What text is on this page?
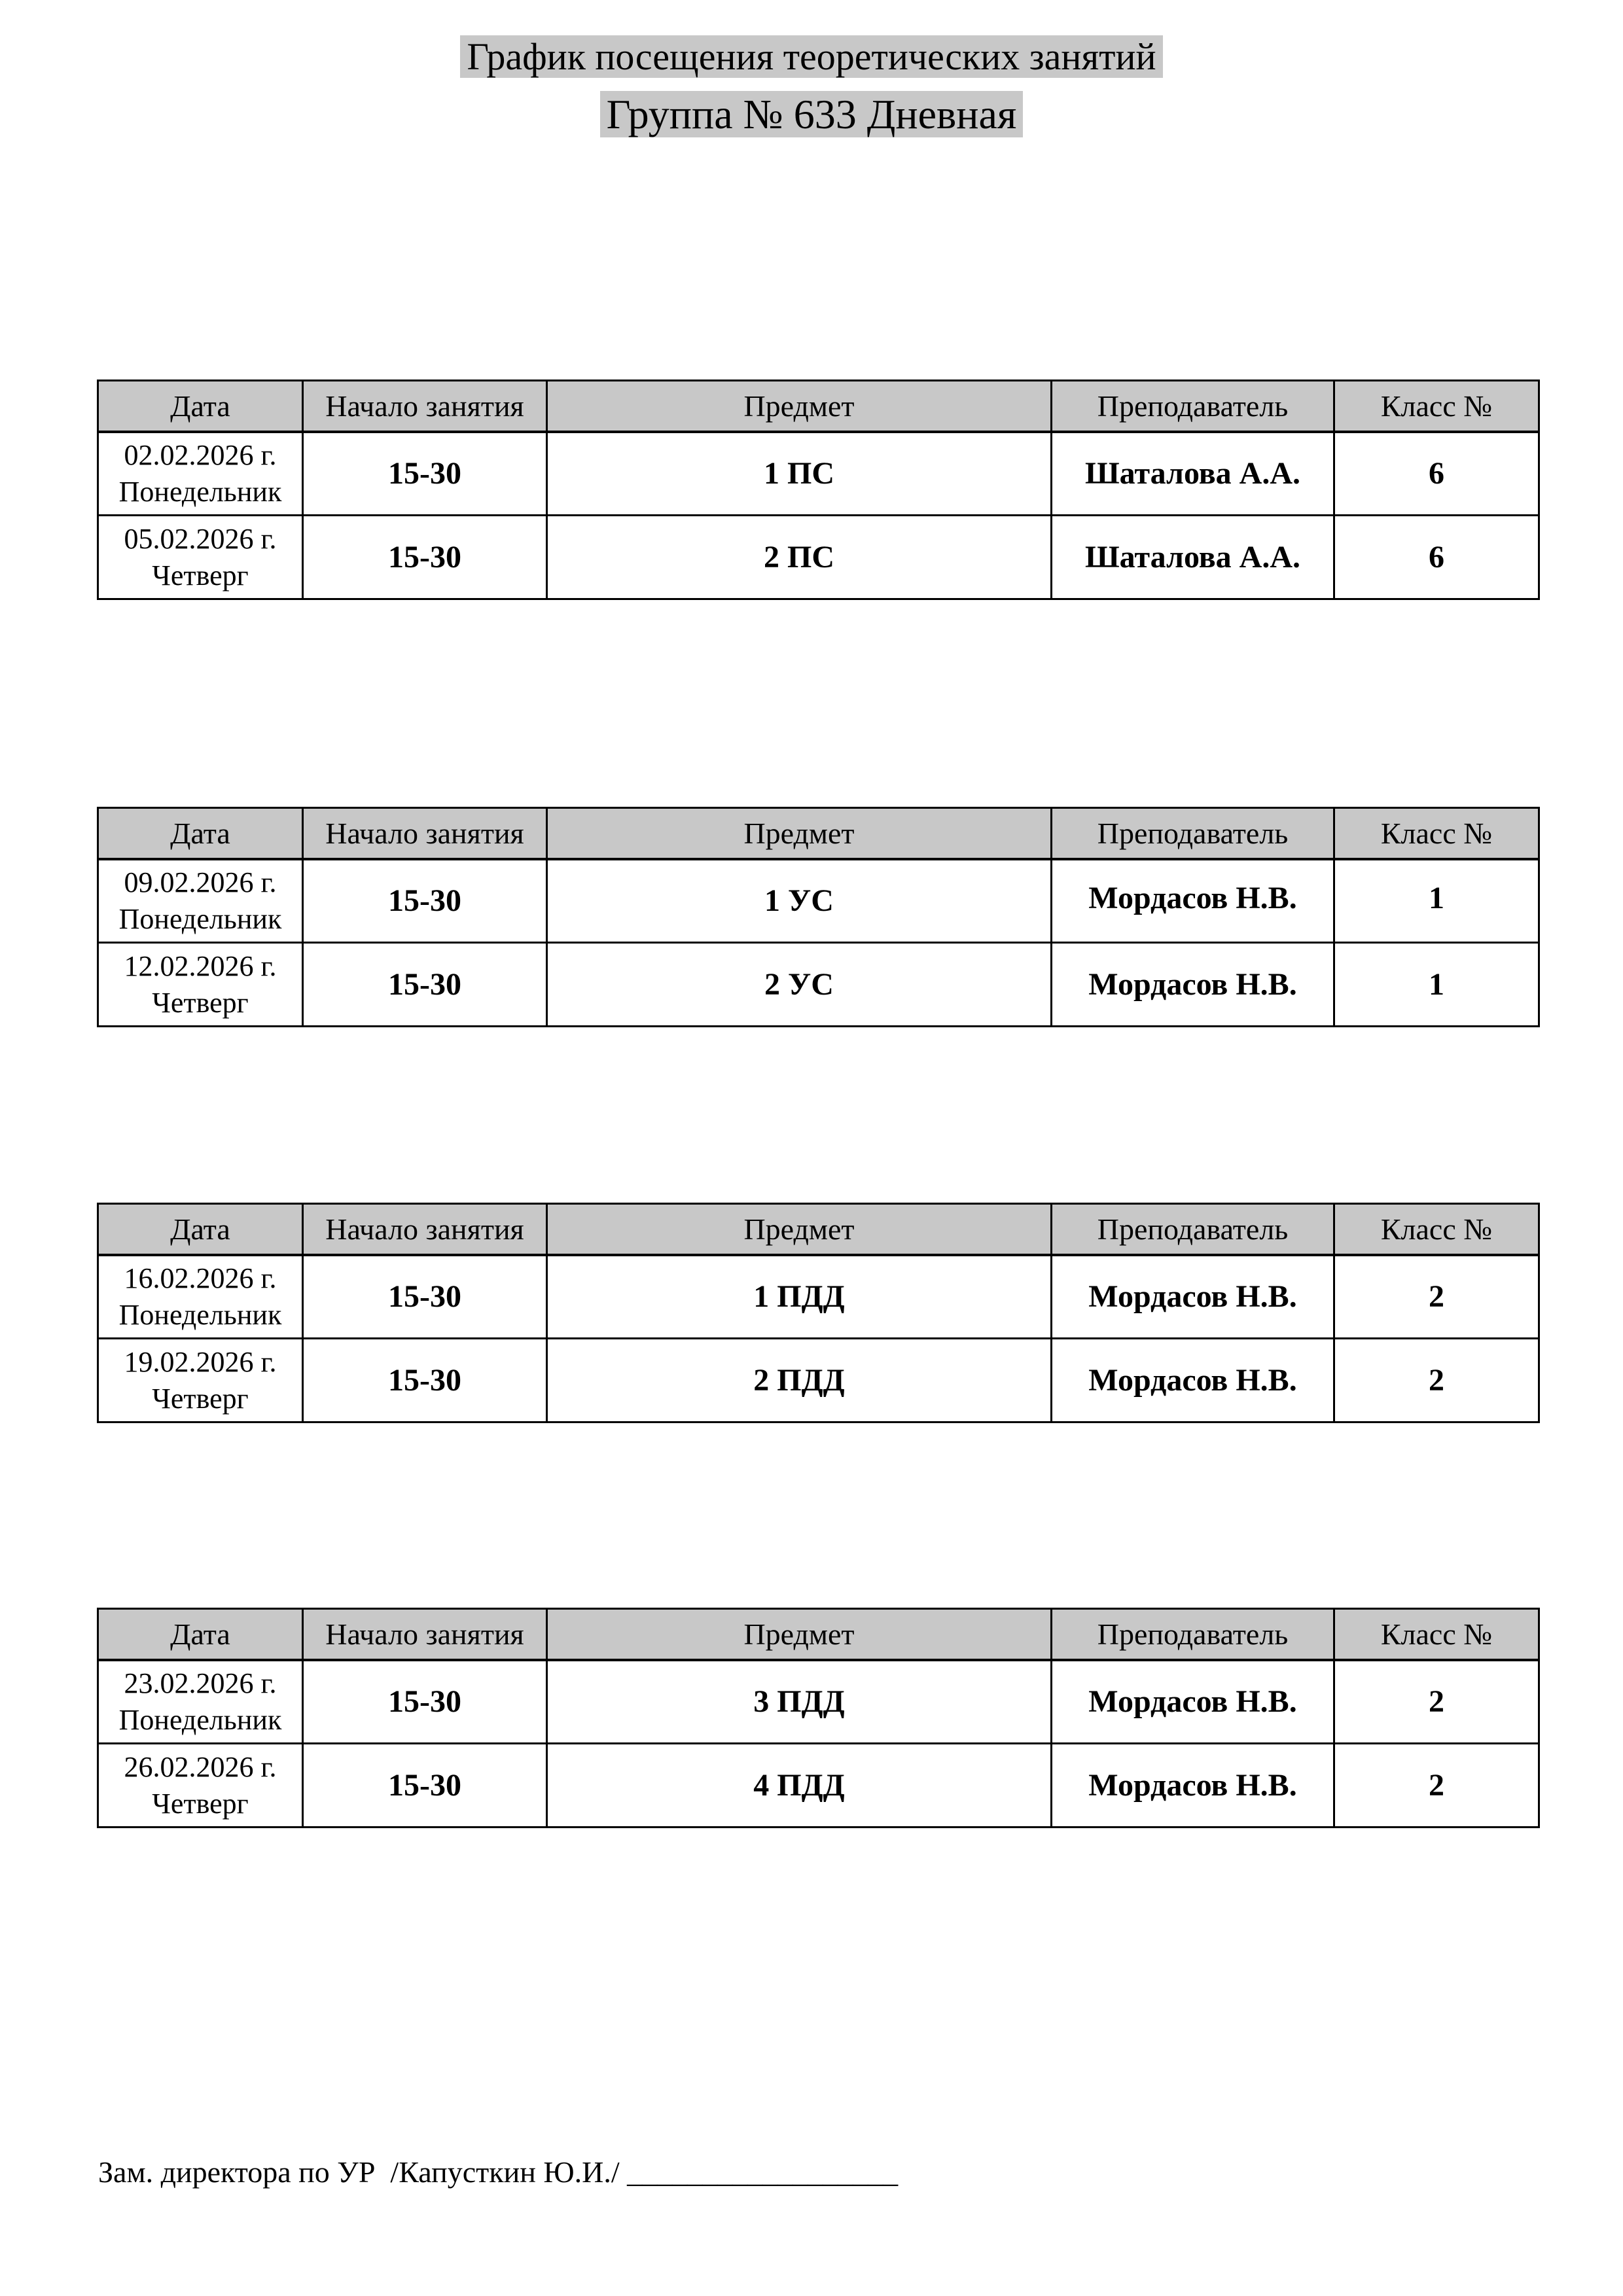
График посещения теоретических занятий
Группа № 633 Дневная
Дата	Начало занятия	Предмет	Преподаватель	Класс №

02.02.2026 г.
Понедельник	15-30	1 ПС	Шаталова А.А.	6

05.02.2026 г.
Четверг	15-30	2 ПС	Шаталова А.А.	6
Дата	Начало занятия	Предмет	Преподаватель	Класс №

09.02.2026 г.
Понедельник	15-30	1 УС	Мордасов Н.В.	1

12.02.2026 г.
Четверг	15-30	2 УС	Мордасов Н.В.	1
Дата	Начало занятия	Предмет	Преподаватель	Класс №

16.02.2026 г.
Понедельник	15-30	1 ПДД	Мордасов Н.В.	2

19.02.2026 г.
Четверг	15-30	2 ПДД	Мордасов Н.В.	2
Дата	Начало занятия	Предмет	Преподаватель	Класс №

23.02.2026 г.
Понедельник	15-30	3 ПДД	Мордасов Н.В.	2

26.02.2026 г.
Четверг	15-30	4 ПДД	Мордасов Н.В.	2
Зам. директора по УР  /Капусткин Ю.И./ __________________
